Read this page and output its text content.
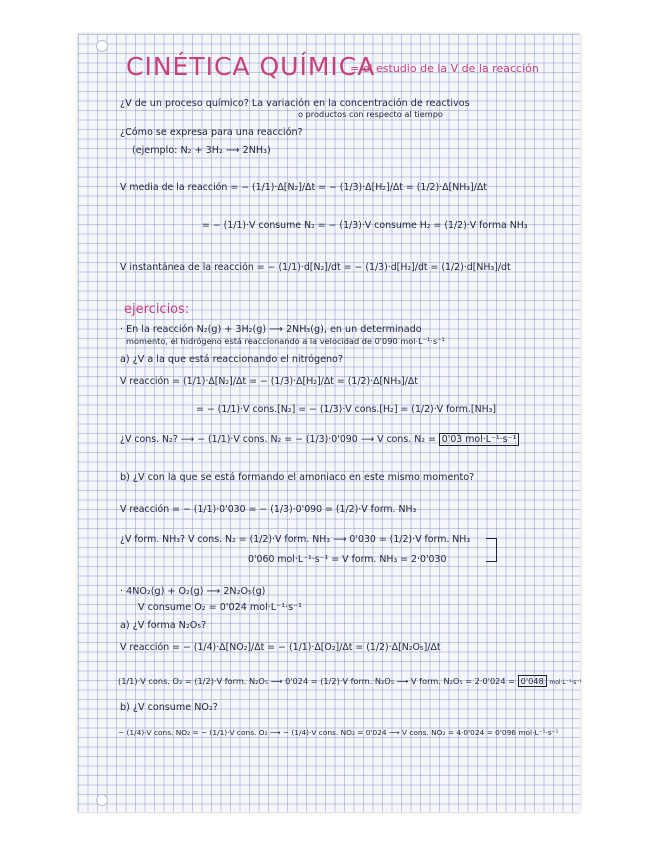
CINÉTICA QUÍMICA
= el estudio de la V de la reacción
¿V de un proceso químico? La variación en la concentración de reactivos
o productos con respecto al tiempo
¿Cómo se expresa para una reacción?
(ejemplo: N₂ + 3H₂ ⟶ 2NH₃)
V media de la reacción = − (1/1)·Δ[N₂]/Δt = − (1/3)·Δ[H₂]/Δt = (1/2)·Δ[NH₃]/Δt
= − (1/1)·V consume N₂ = − (1/3)·V consume H₂ = (1/2)·V forma NH₃
V instantánea de la reacción = − (1/1)·d[N₂]/dt = − (1/3)·d[H₂]/dt = (1/2)·d[NH₃]/dt
ejercicios:
· En la reacción N₂(g) + 3H₂(g) ⟶ 2NH₃(g), en un determinado
momento, el hidrógeno está reaccionando a la velocidad de 0'090 mol·L⁻¹·s⁻¹
a) ¿V a la que está reaccionando el nitrógeno?
V reacción = (1/1)·Δ[N₂]/Δt = − (1/3)·Δ[H₂]/Δt = (1/2)·Δ[NH₃]/Δt
= − (1/1)·V cons.[N₂] = − (1/3)·V cons.[H₂] = (1/2)·V form.[NH₃]
¿V cons. N₂? ⟶ − (1/1)·V cons. N₂ = − (1/3)·0'090 ⟶ V cons. N₂ = 0'03 mol·L⁻¹·s⁻¹
b) ¿V con la que se está formando el amoniaco en este mismo momento?
V reacción = − (1/1)·0'030 = − (1/3)·0'090 = (1/2)·V form. NH₃
¿V form. NH₃? V cons. N₂ = (1/2)·V form. NH₃ ⟶ 0'030 = (1/2)·V form. NH₃
0'060 mol·L⁻¹·s⁻¹ = V form. NH₃ = 2·0'030
· 4NO₂(g) + O₂(g) ⟶ 2N₂O₅(g)
V consume O₂ = 0'024 mol·L⁻¹·s⁻¹
a) ¿V forma N₂O₅?
V reacción = − (1/4)·Δ[NO₂]/Δt = − (1/1)·Δ[O₂]/Δt = (1/2)·Δ[N₂O₅]/Δt
(1/1)·V cons. O₂ = (1/2)·V form. N₂O₅ ⟶ 0'024 = (1/2)·V form. N₂O₅ ⟶ V form. N₂O₅ = 2·0'024 = 0'048 mol·L⁻¹·s⁻¹
b) ¿V consume NO₂?
− (1/4)·V cons. NO₂ = − (1/1)·V cons. O₂ ⟶ − (1/4)·V cons. NO₂ = 0'024 ⟶ V cons. NO₂ = 4·0'024 = 0'096 mol·L⁻¹·s⁻¹
